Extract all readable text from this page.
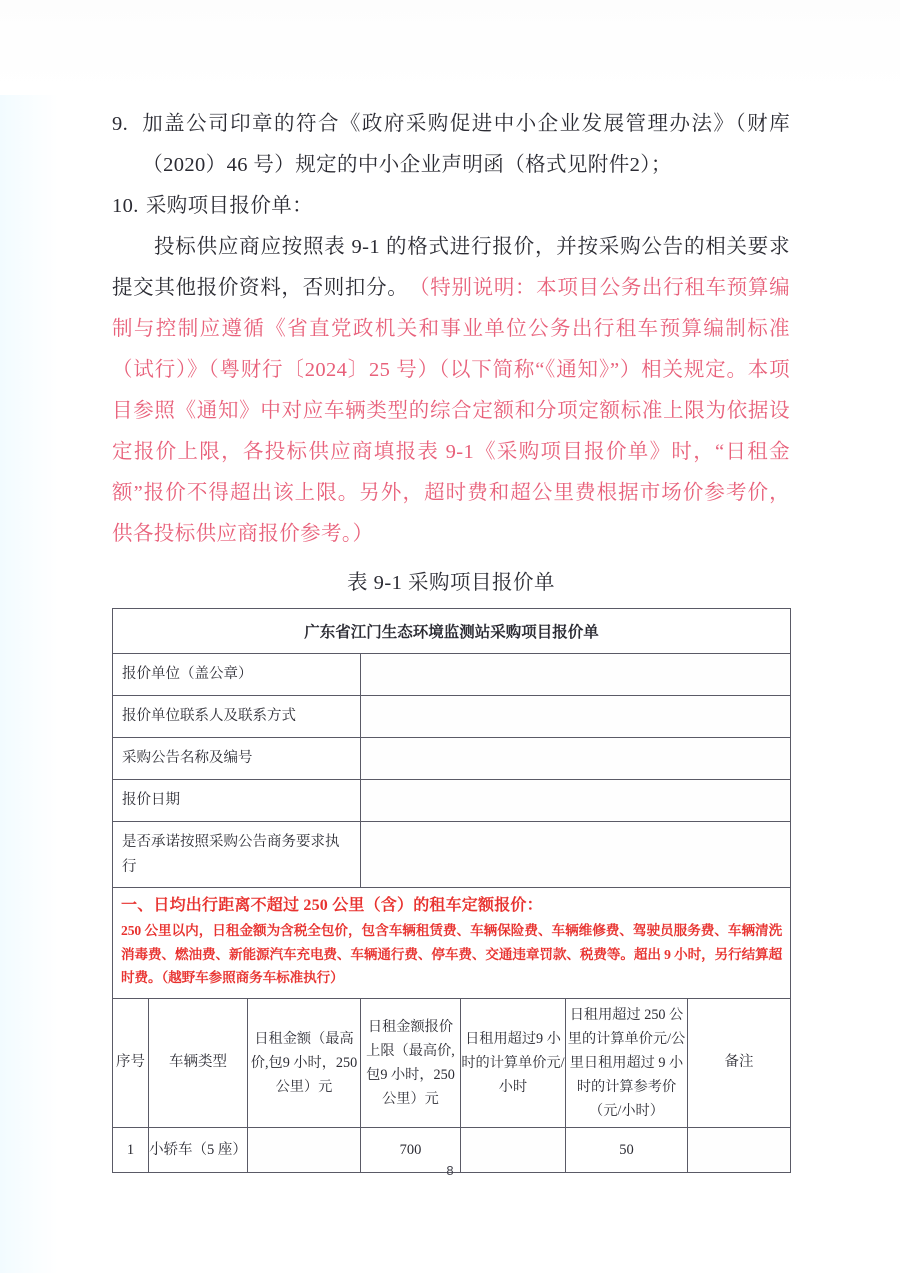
9. 加盖公司印章的符合《政府采购促进中小企业发展管理办法》（财库（2020）46 号）规定的中小企业声明函（格式见附件2）；
10. 采购项目报价单：

投标供应商应按照表 9-1 的格式进行报价，并按采购公告的相关要求提交其他报价资料，否则扣分。　（特别说明：本项目公务出行租车预算编制与控制应遵循《省直党政机关和事业单位公务出行租车预算编制标准（试行）》（粤财行〔2024〕25 号）（以下简称“《通知》”）相关规定。本项目参照《通知》中对应车辆类型的综合定额和分项定额标准上限为依据设定报价上限，各投标供应商填报表 9-1《采购项目报价单》时，“日租金额”报价不得超出该上限。另外，超时费和超公里费根据市场价参考价，供各投标供应商报价参考。）

表 9-1 采购项目报价单
广东省江门生态环境监测站采购项目报价单						

报价单位（盖公章）						

报价单位联系人及联系方式						

采购公告名称及编号						

报价日期						

是否承诺按照采购公告商务要求执行						

一、日均出行距离不超过 250 公里（含）的租车定额报价：
250 公里以内，日租金额为含税全包价，包含车辆租赁费、车辆保险费、车辆维修费、驾驶员服务费、车辆清洗消毒费、燃油费、新能源汽车充电费、车辆通行费、停车费、交通违章罚款、税费等。超出 9 小时，另行结算超时费。（越野车参照商务车标准执行）						

序号	车辆类型	日租金额（最高价,包9 小时，250 公里）元	日租金额报价上限（最高价,包9 小时，250 公里）元	日租用超过9 小时的计算单价元/小时	日租用超过 250 公里的计算单价元/公里日租用超过 9 小时的计算参考价（元/小时）	备注
1	小轿车（5 座）		700		50	
8
